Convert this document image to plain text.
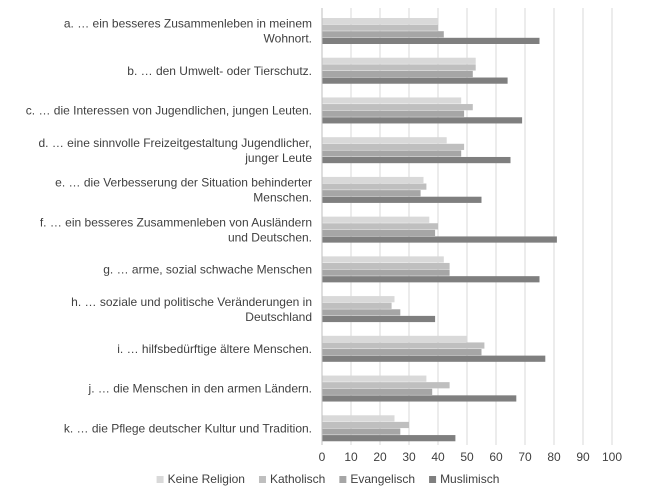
0 10 20 30 40 50 60 70 80 90 100
a. … ein besseres Zusammenleben in meinem Wohnort.
b. … den Umwelt- oder Tierschutz.
c. … die Interessen von Jugendlichen, jungen Leuten.
d. … eine sinnvolle Freizeitgestaltung Jugendlicher, junger Leute
e. … die Verbesserung der Situation behinderter Menschen.
f. … ein besseres Zusammenleben von Ausländern und Deutschen.
g. … arme, sozial schwache Menschen
h. … soziale und politische Veränderungen in Deutschland
i. … hilfsbedürftige ältere Menschen.
j. … die Menschen in den armen Ländern.
k. … die Pflege deutscher Kultur und Tradition.
Keine Religion Katholisch Evangelisch Muslimisch
